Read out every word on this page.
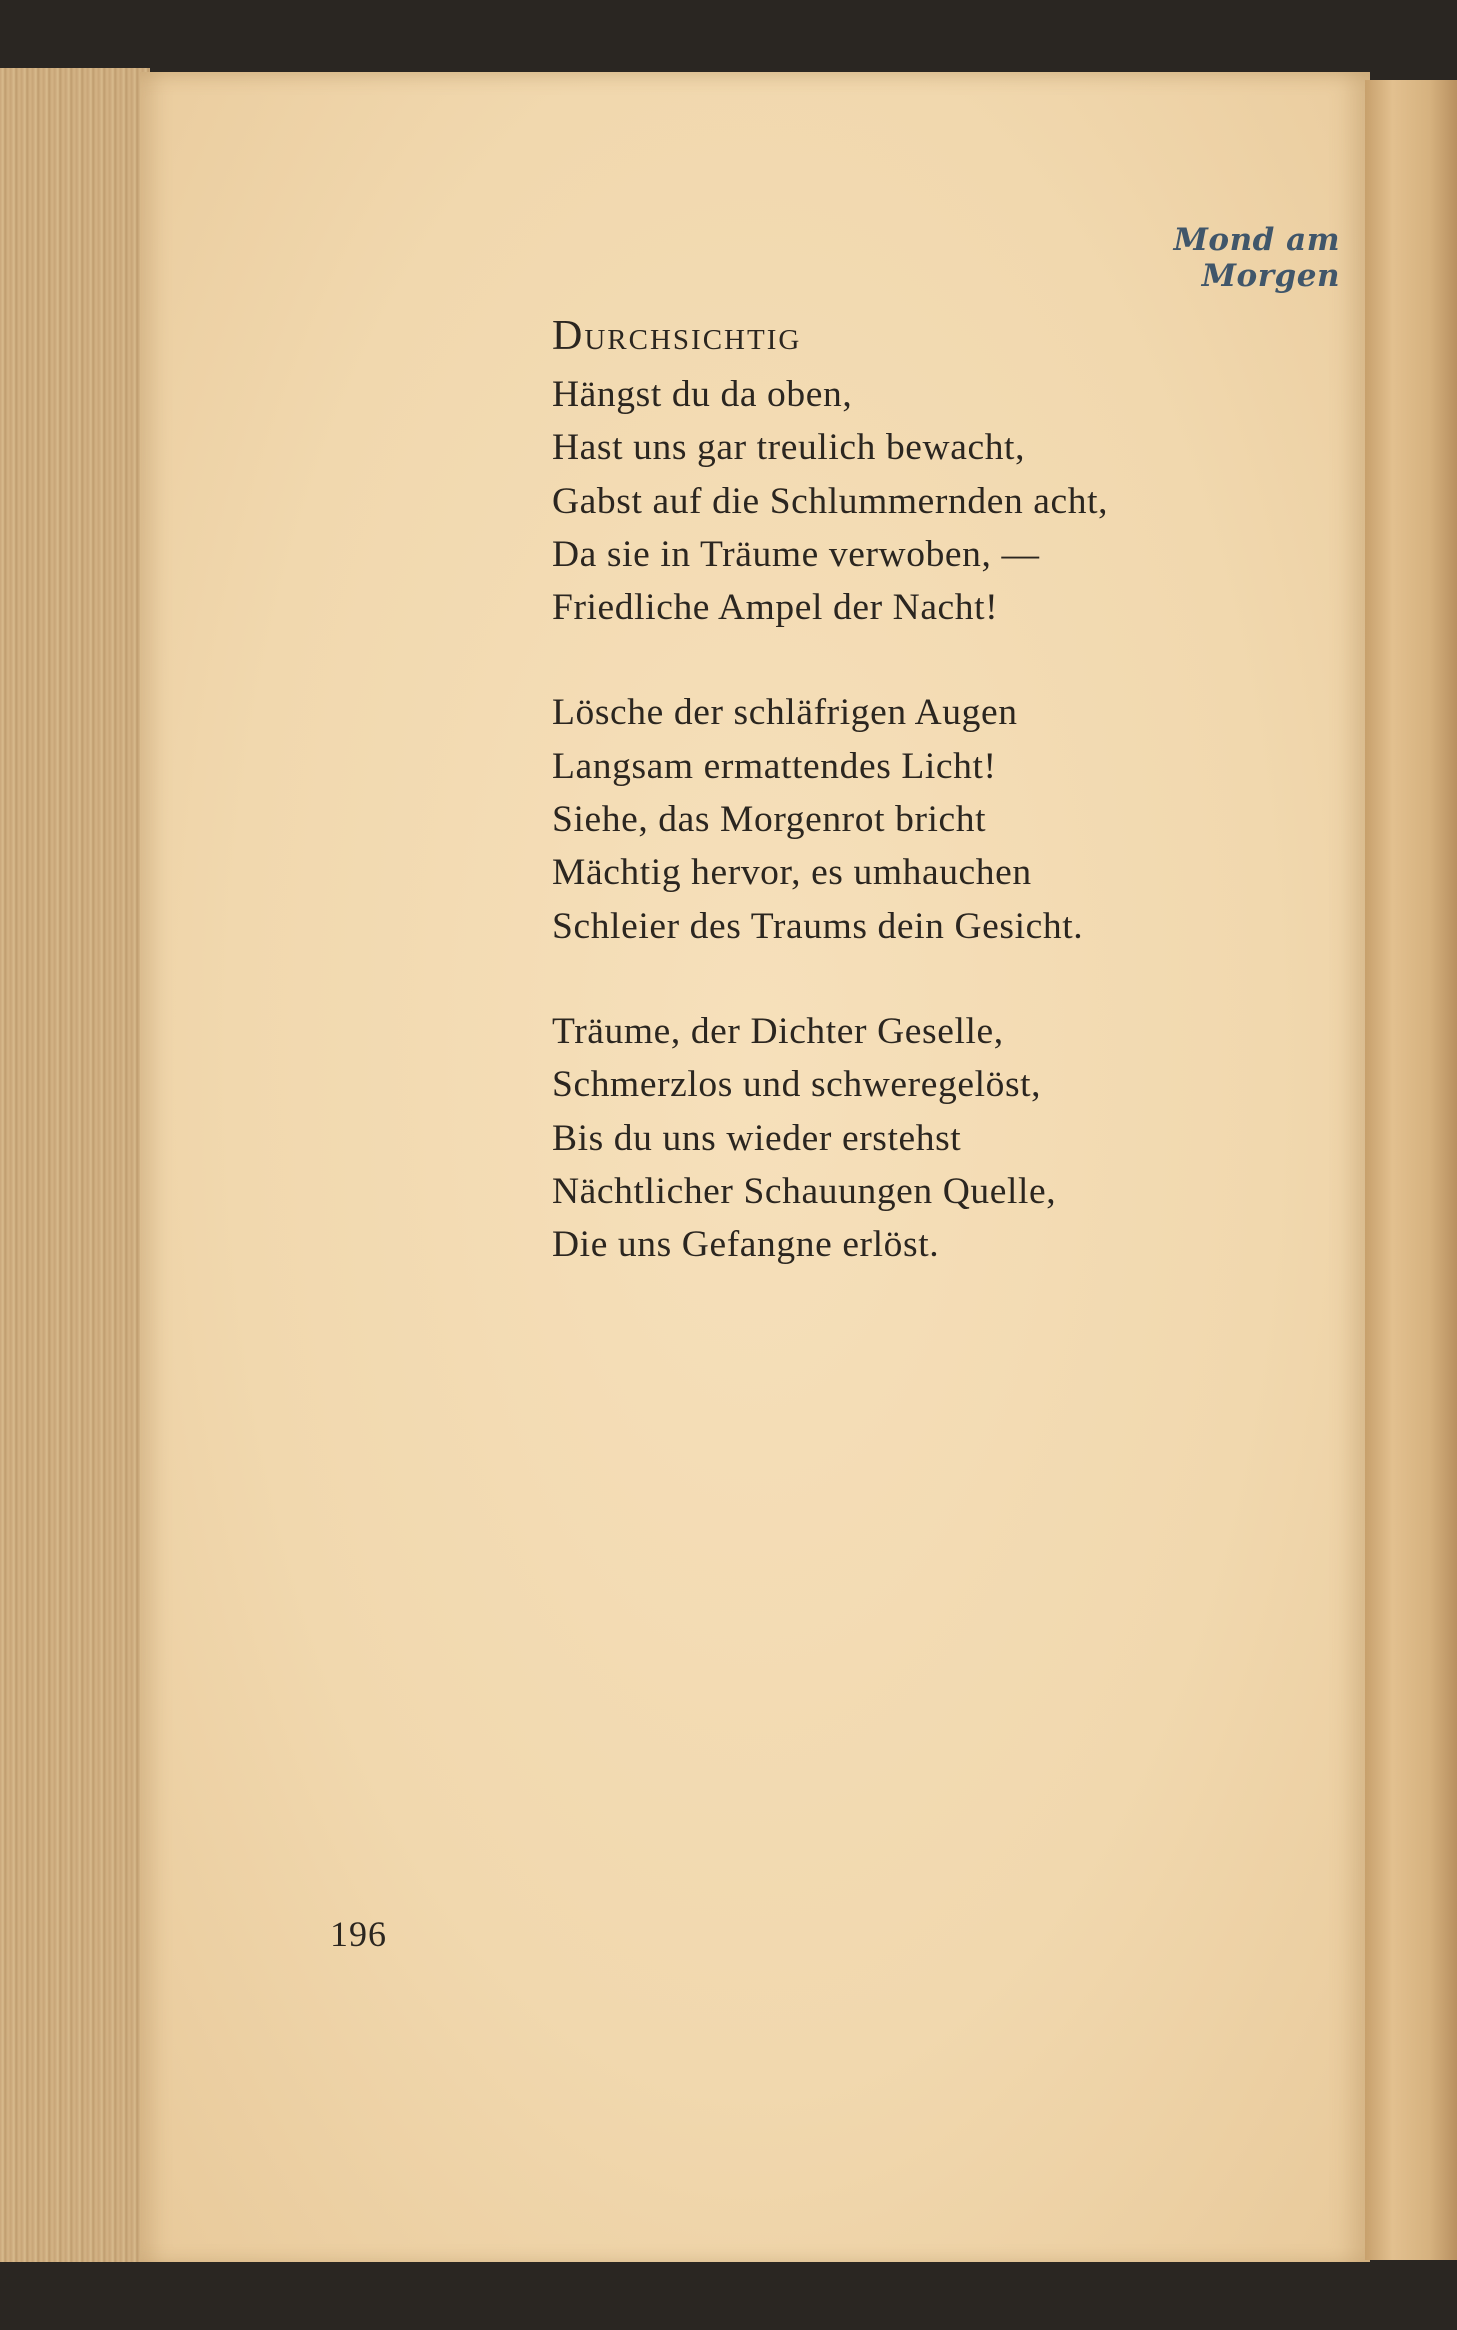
Mond am Morgen
Durchsichtig
Hängst du da oben,
Hast uns gar treulich bewacht,
Gabst auf die Schlummernden acht,
Da sie in Träume verwoben, —
Friedliche Ampel der Nacht!
Lösche der schläfrigen Augen
Langsam ermattendes Licht!
Siehe, das Morgenrot bricht
Mächtig hervor, es umhauchen
Schleier des Traums dein Gesicht.
Träume, der Dichter Geselle,
Schmerzlos und schweregelöst,
Bis du uns wieder erstehst
Nächtlicher Schauungen Quelle,
Die uns Gefangne erlöst.
196
